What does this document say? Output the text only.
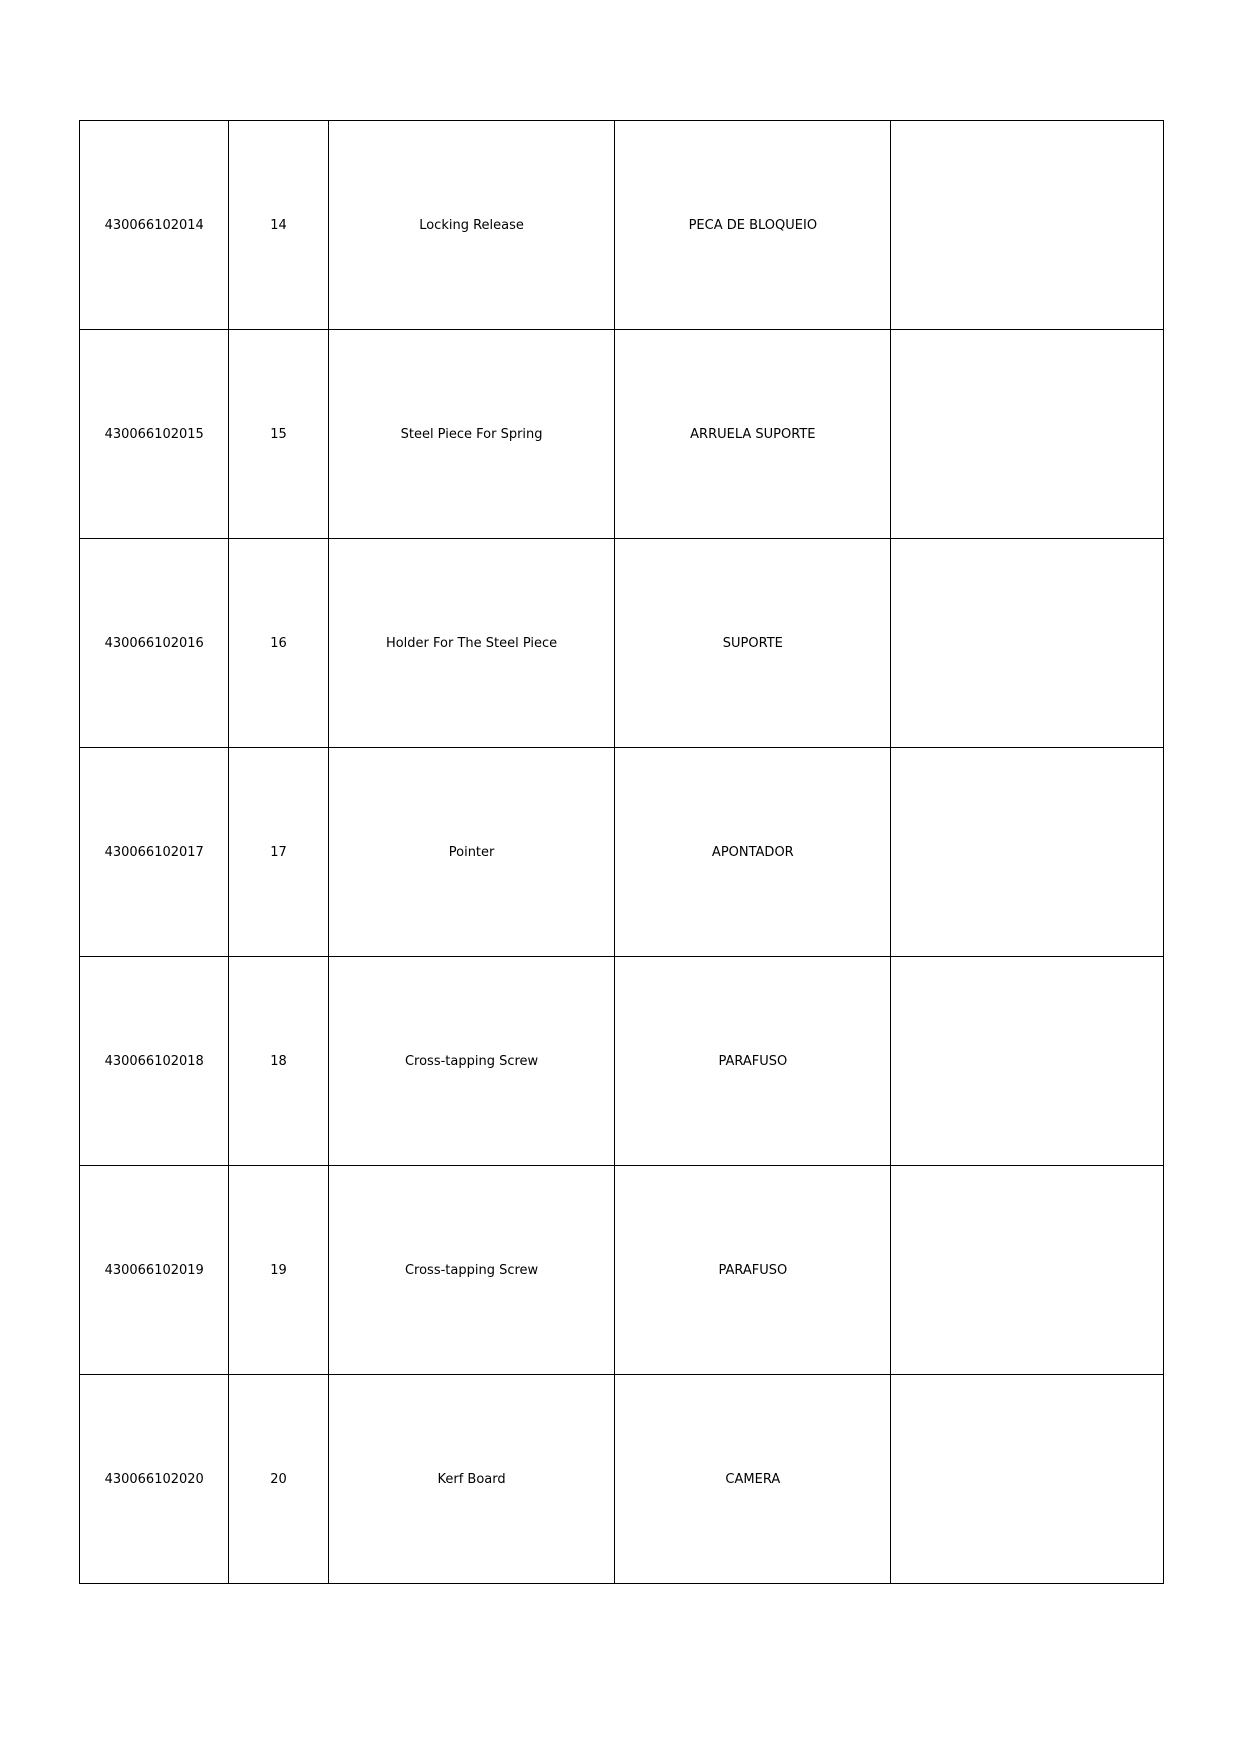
430066102014	14	Locking Release	PECA DE BLOQUEIO	
430066102015	15	Steel Piece For Spring	ARRUELA SUPORTE	
430066102016	16	Holder For The Steel Piece	SUPORTE	
430066102017	17	Pointer	APONTADOR	
430066102018	18	Cross-tapping Screw	PARAFUSO	
430066102019	19	Cross-tapping Screw	PARAFUSO	
430066102020	20	Kerf Board	CAMERA	
